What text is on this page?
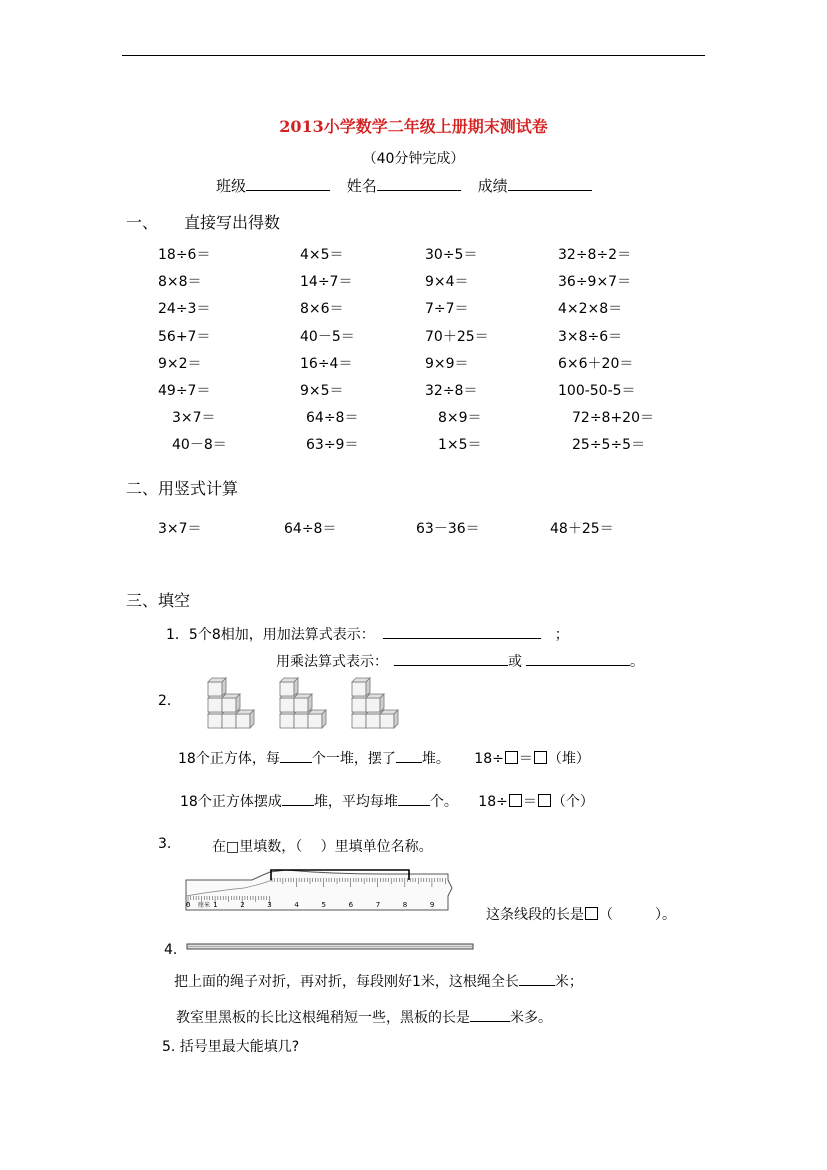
2013小学数学二年级上册期末测试卷
（40分钟完成）
班级	姓名	成绩
一、 直接写出得数
18÷6＝	4×5＝	30÷5＝	32÷8÷2＝
8×8＝	14÷7＝	9×4＝	36÷9×7＝
24÷3＝	8×6＝	7÷7＝	4×2×8＝
56+7＝	40－5＝	70＋25＝	3×8÷6＝
9×2＝	16÷4＝	9×9＝	6×6＋20＝
49÷7＝	9×5＝	32÷8＝	100-50-5＝
3×7＝	64÷8＝	8×9＝	72÷8+20＝
40－8＝	63÷9＝	1×5＝	25÷5÷5＝
二、用竖式计算
3×7＝	64÷8＝	63－36＝	48＋25＝
三、填空
1．5个8相加，用加法算式表示：	；
用乘法算式表示：	或	。
2．
18个正方体，每 个一堆，摆了 堆。 18÷ ＝ （堆）
18个正方体摆成 堆，平均每堆 个。 18÷ ＝ （个）
3.	在□里填数，（　 ）里填单位名称。
0	1	2	3	4	5	6	7	8	9
厘米
这条线段的长是 （　　　）。
4.
把上面的绳子对折，再对折，每段刚好1米，这根绳全长	米；
教室里黑板的长比这根绳稍短一些，黑板的长是	米多。
5. 括号里最大能填几?
